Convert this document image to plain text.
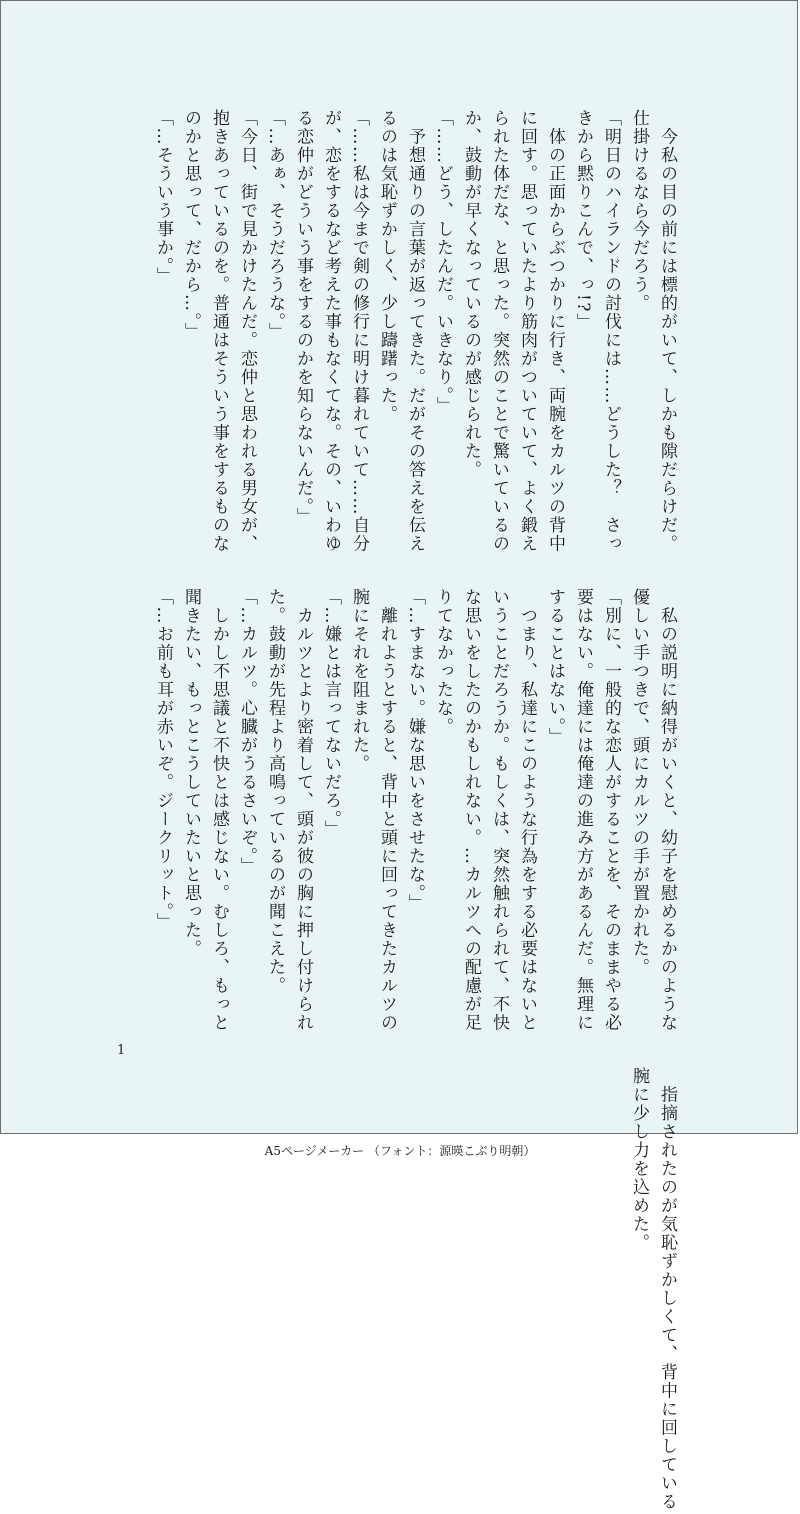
　今私の目の前には標的がいて、しかも隙だらけだ。仕掛けるなら今だろう。

「明日のハイランドの討伐には……どうした？　さっきから黙りこんで、っ!?」

　体の正面からぶつかりに行き、両腕をカルツの背中に回す。思っていたより筋肉がついていて、よく鍛えられた体だな、と思った。突然のことで驚いているのか、鼓動が早くなっているのが感じられた。

「……どう、したんだ。いきなり。」

　予想通りの言葉が返ってきた。だがその答えを伝えるのは気恥ずかしく、少し躊躇った。

「……私は今まで剣の修行に明け暮れていて……自分が、恋をするなど考えた事もなくてな。その、いわゆる恋仲がどういう事をするのかを知らないんだ。」

「…あぁ、そうだろうな。」

「今日、街で見かけたんだ。恋仲と思われる男女が、抱きあっているのを。普通はそういう事をするものなのかと思って、だから…。」

「…そういう事か。」

　私の説明に納得がいくと、幼子を慰めるかのような優しい手つきで、頭にカルツの手が置かれた。

「別に、一般的な恋人がすることを、そのままやる必要はない。俺達には俺達の進み方があるんだ。無理にすることはない。」

　つまり、私達にこのような行為をする必要はないということだろうか。もしくは、突然触れられて、不快な思いをしたのかもしれない。…カルツへの配慮が足りてなかったな。

「…すまない。嫌な思いをさせたな。」

　離れようとすると、背中と頭に回ってきたカルツの腕にそれを阻まれた。

「…嫌とは言ってないだろ。」

　カルツとより密着して、頭が彼の胸に押し付けられた。鼓動が先程より高鳴っているのが聞こえた。

「…カルツ。心臓がうるさいぞ。」

　しかし不思議と不快とは感じない。むしろ、もっと聞きたい、もっとこうしていたいと思った。

「…お前も耳が赤いぞ。ジークリット。」

　指摘されたのが気恥ずかしくて、背中に回している腕に少し力を込めた。

1
A5ページメーカー （フォント：源暎こぶり明朝）
